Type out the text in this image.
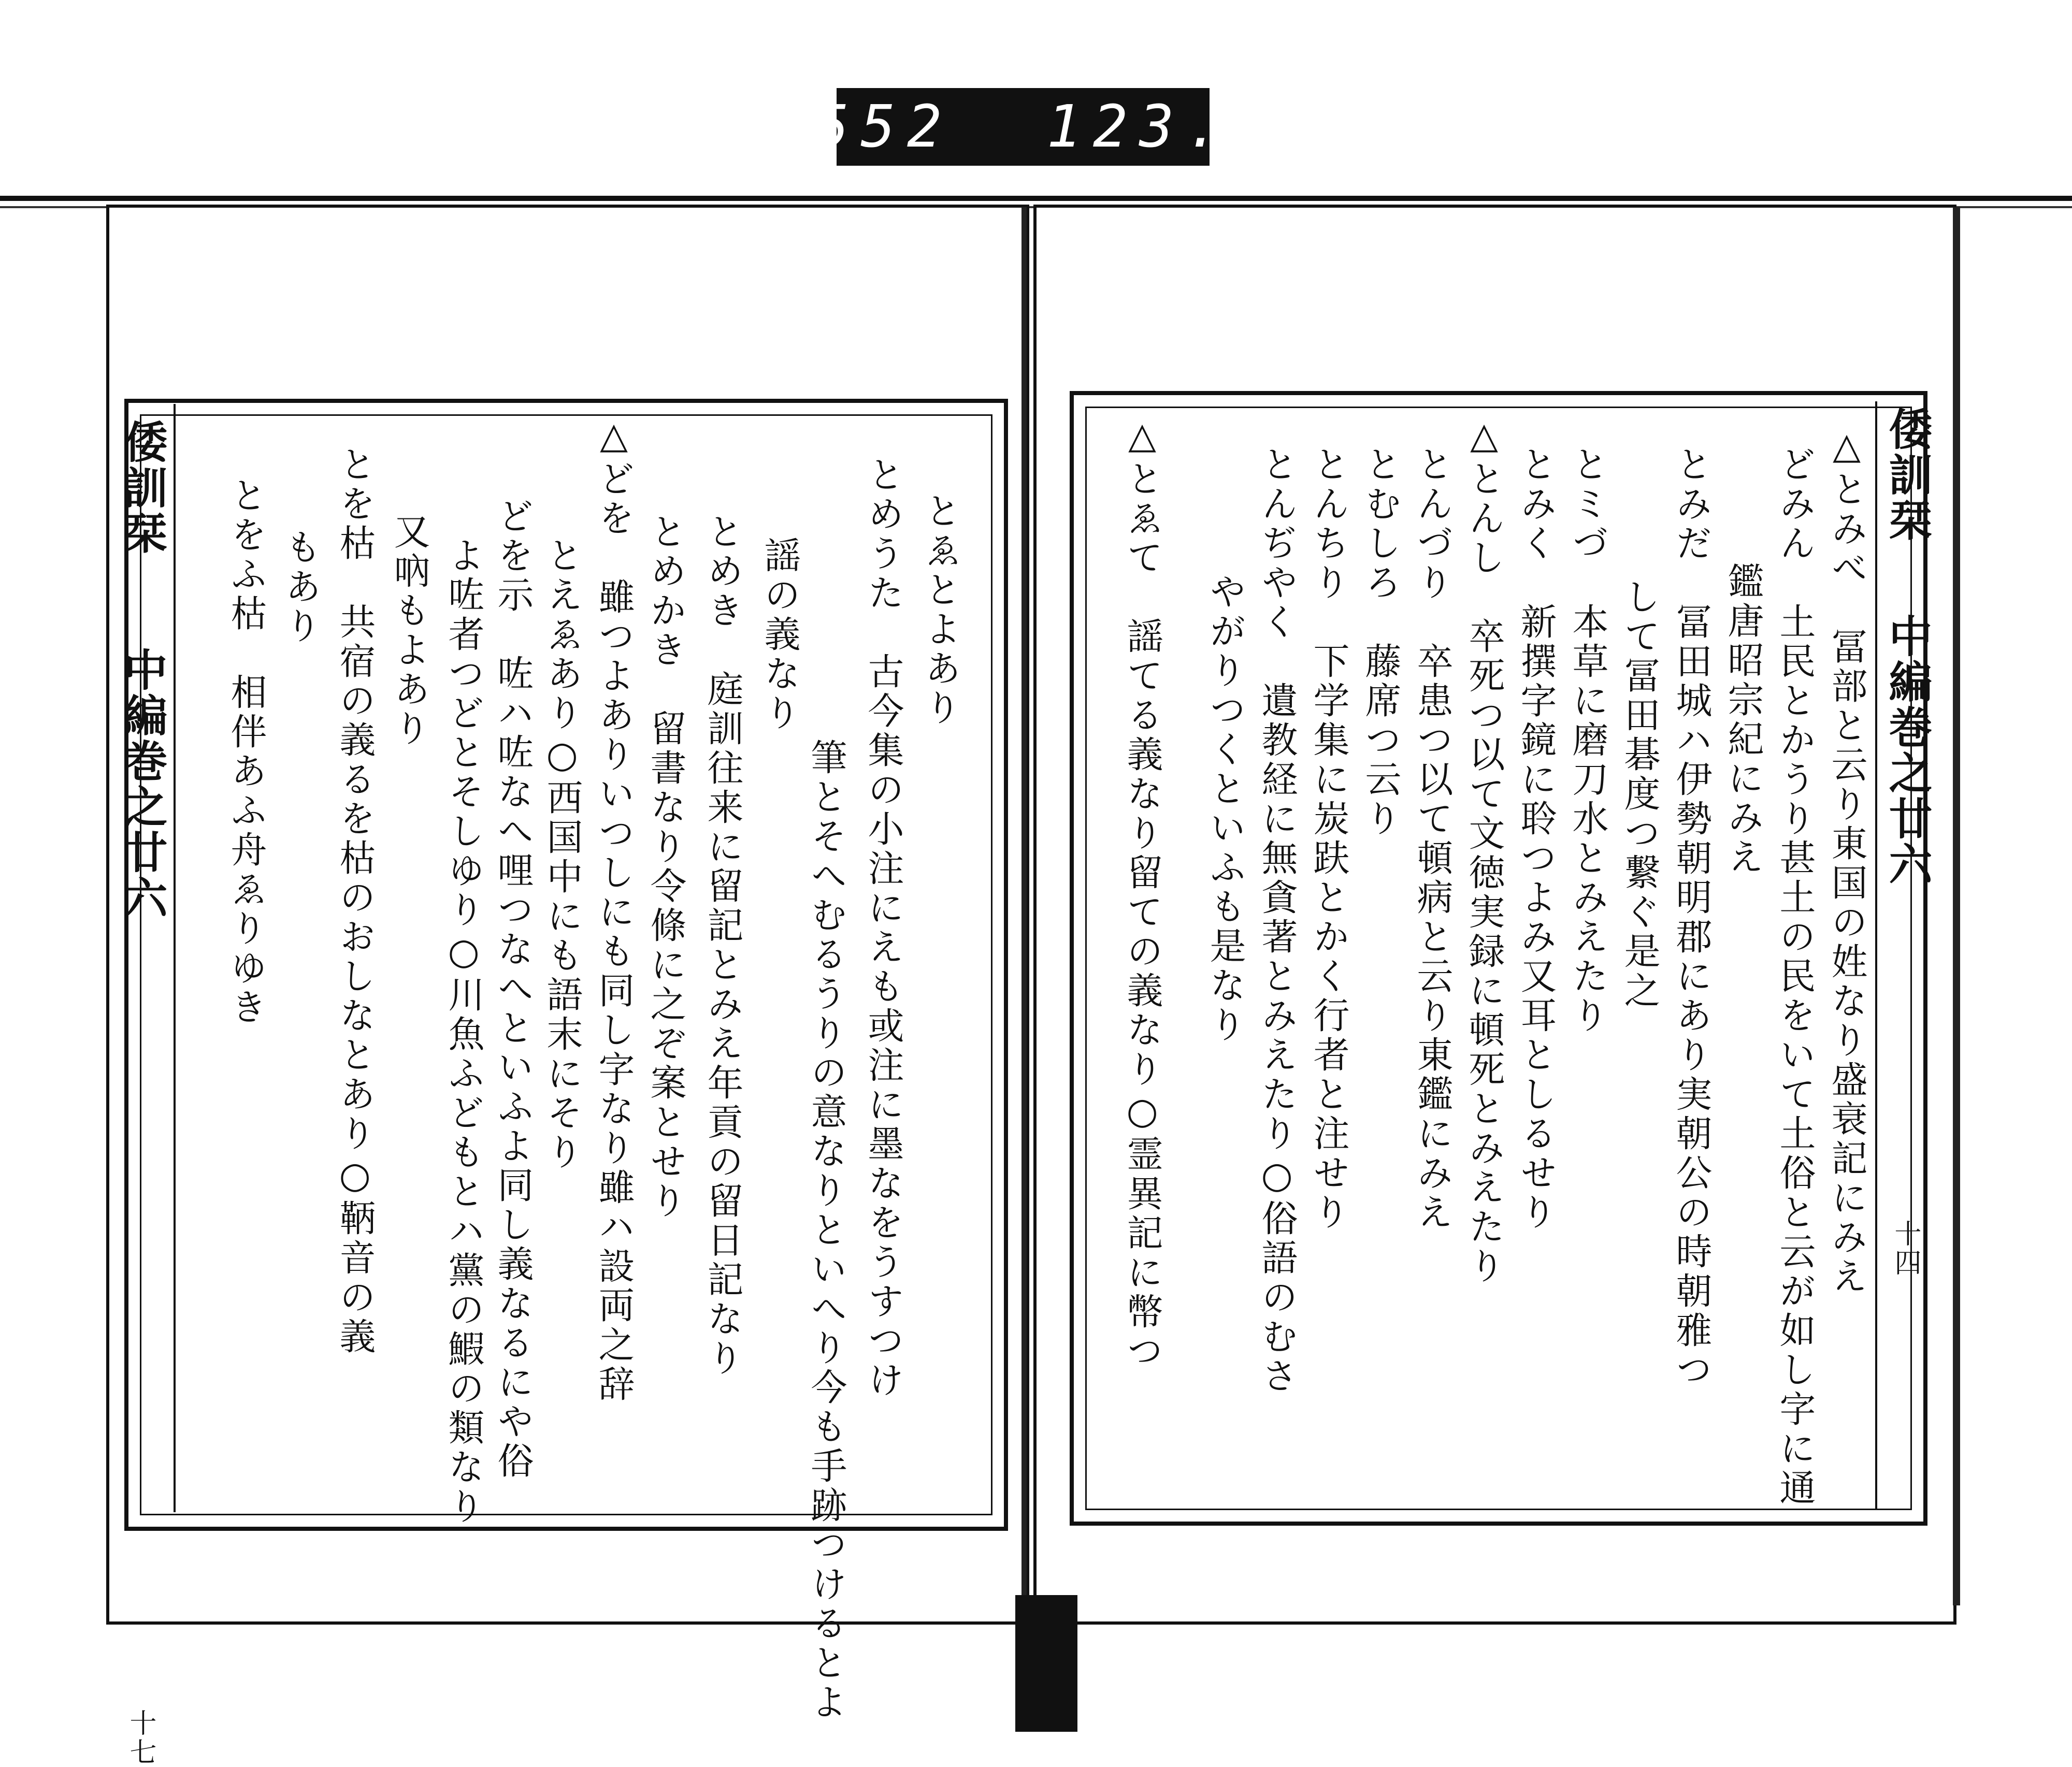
552 123.
倭訓栞
中編巻之廿六
十七
とゑとよあり
とめうた　古今集の小注にえも或注に墨なをうすつけ
　筆とそへむるうりの意なりといへり今も手跡つけるとよ
　謡の義なり
とめき　庭訓往来に留記とみえ年貢の留日記なり
とめかき　留書なり令條に之ぞ案とせり
△どを　雖つよありいつしにも同し字なり雖ハ設両之辞
　とえゑあり○西国中にも語末にそり
どを示　咗ハ咗なへ哩つなへといふよ同し義なるにや俗
　よ咗者つどとそしゆり○川魚ふどもとハ黨の鰕の類なり
又吶もよあり
とを枯　共宿の義るを枯のおしなとあり○鞆音の義
もあり
とをふ枯　相伴あふ舟ゑりゆき
倭訓栞
中編巻之廿六
十四
△とみべ　冨部と云り東国の姓なり盛衰記にみえ
どみん　土民とかうり甚土の民をいて土俗と云が如し字に通
　鑑唐昭宗紀にみえ
とみだ　冨田城ハ伊勢朝明郡にあり実朝公の時朝雅つ
　して冨田碁度つ繋ぐ是之
とミづ　本草に磨刀水とみえたり
とみく　新撰字鏡に聆つよみ又耳としるせり
△とんし　卒死つ以て文徳実録に頓死とみえたり
とんづり　卒患つ以て頓病と云り東鑑にみえ
とむしろ　藤席つ云り
とんちり　下学集に炭趺とかく行者と注せり
とんぢやく　遺教経に無貪著とみえたり○俗語のむさ
　やがりつくといふも是なり
△とゑて　謡てる義なり留ての義なり○霊異記に幣つ
